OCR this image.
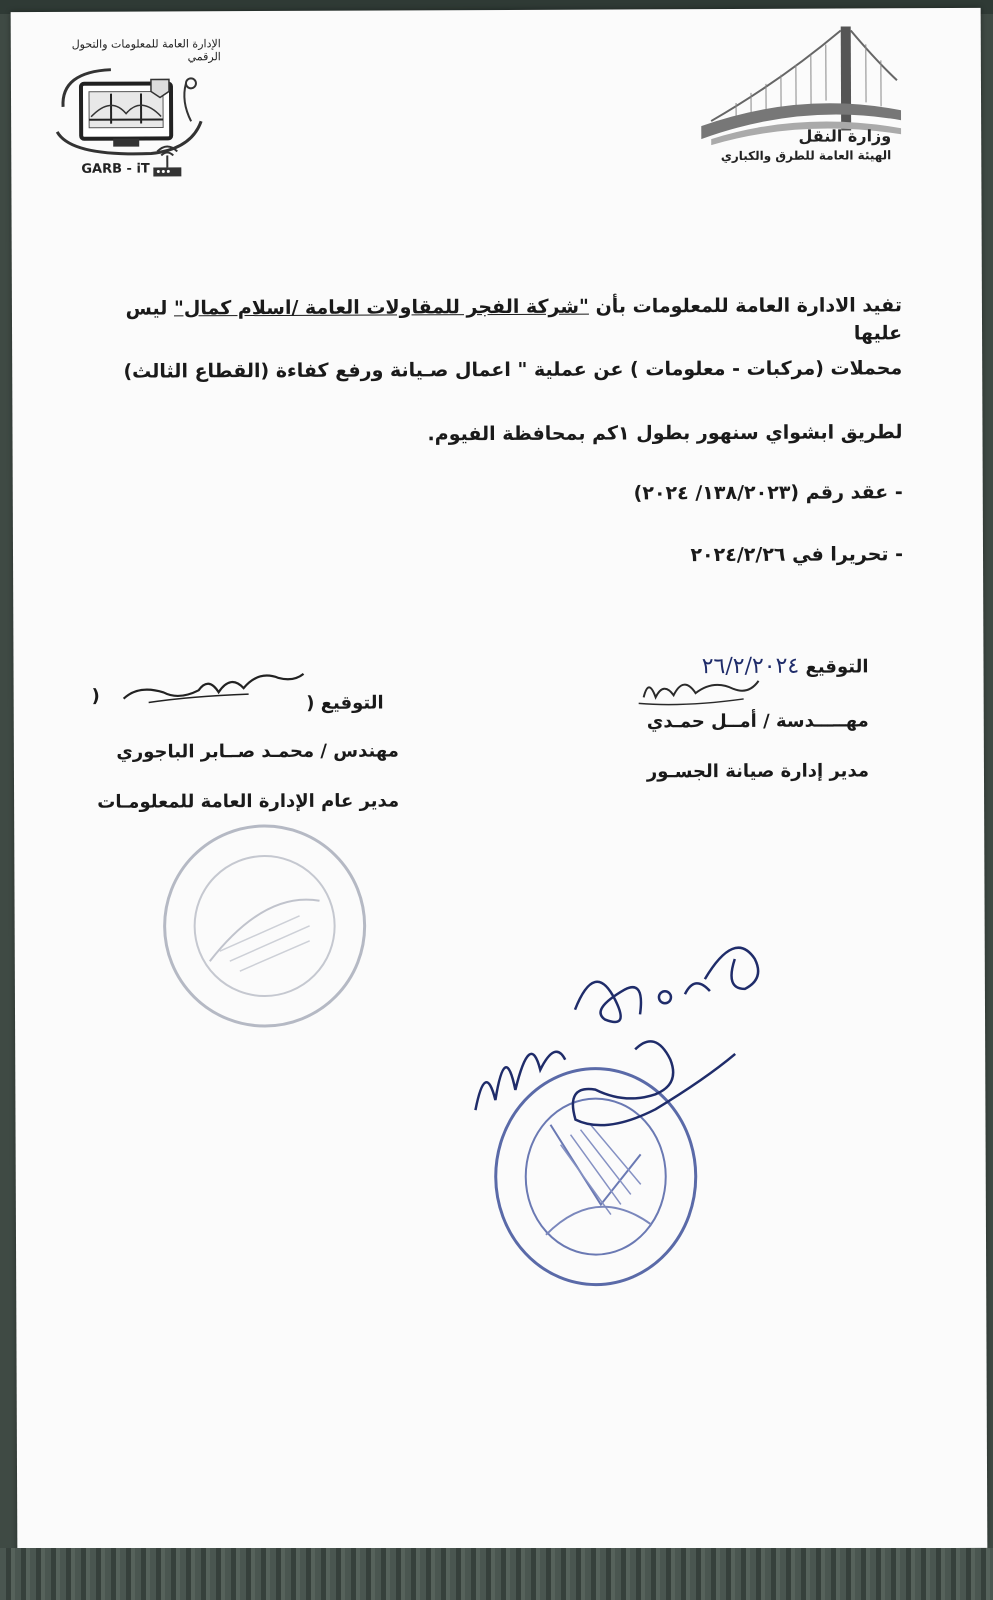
الإدارة العامة للمعلومات والتحول الرقمي
GARB - iT
وزارة النقل
الهيئة العامة للطرق والكباري
تفيد الادارة العامة للمعلومات بأن "شركة الفجر للمقاولات العامة /اسلام كمال" ليس عليها
محملات (مركبات - معلومات ) عن عملية " اعمال صـيانة ورفع كفاءة (القطاع الثالث)
لطريق ابشواي سنهور بطول ١كم بمحافظة الفيوم.
- عقد رقم (١٣٨/٢٠٢٣/ ٢٠٢٤)
- تحريرا في ٢٠٢٤/٢/٢٦
التوقيع ٢٦/٢/٢٠٢٤
مهـــــدسة / أمــل حمـدي
مدير إدارة صيانة الجسـور
التوقيع (
)
مهندس / محمـد صــابر الباجوري
مدير عام الإدارة العامة للمعلومـات
